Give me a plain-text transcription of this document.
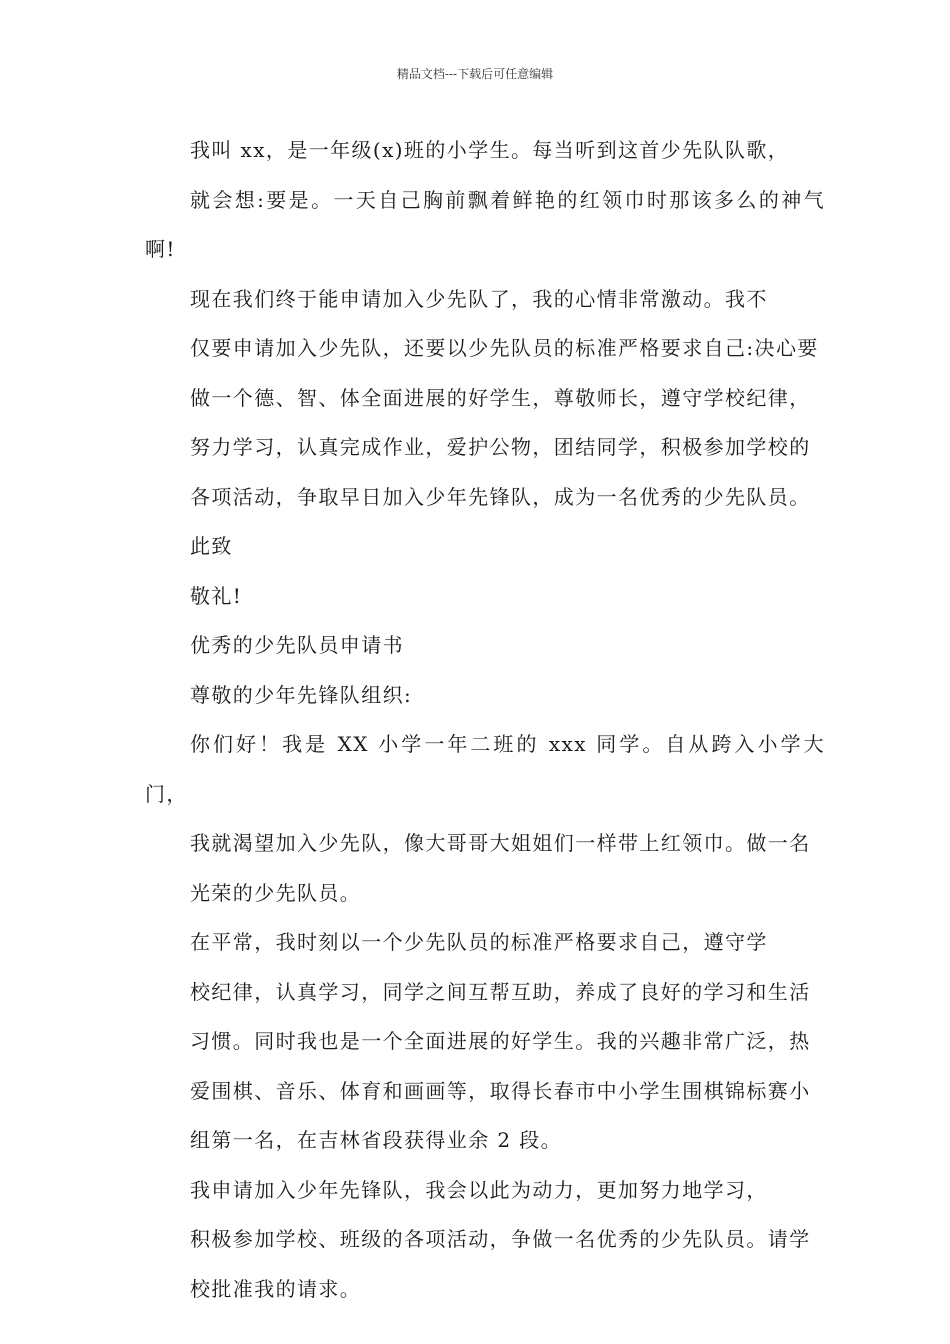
精品文档---下载后可任意编辑

我叫 xx，是一年级(x)班的小学生。每当听到这首少先队队歌，
就会想:要是。一天自己胸前飘着鲜艳的红领巾时那该多么的神气啊!

现在我们终于能申请加入少先队了，我的心情非常激动。我不
仅要申请加入少先队，还要以少先队员的标准严格要求自己:决心要
做一个德、智、体全面进展的好学生，尊敬师长，遵守学校纪律，
努力学习，认真完成作业，爱护公物，团结同学，积极参加学校的
各项活动，争取早日加入少年先锋队，成为一名优秀的少先队员。

此致

敬礼!

优秀的少先队员申请书

尊敬的少年先锋队组织:

你们好！我是 XX 小学一年二班的 xxx 同学。自从跨入小学大门，
我就渴望加入少先队，像大哥哥大姐姐们一样带上红领巾。做一名
光荣的少先队员。

在平常，我时刻以一个少先队员的标准严格要求自己，遵守学
校纪律，认真学习，同学之间互帮互助，养成了良好的学习和生活
习惯。同时我也是一个全面进展的好学生。我的兴趣非常广泛，热
爱围棋、音乐、体育和画画等，取得长春市中小学生围棋锦标赛小
组第一名，在吉林省段获得业余 2 段。

我申请加入少年先锋队，我会以此为动力，更加努力地学习，
积极参加学校、班级的各项活动，争做一名优秀的少先队员。请学
校批准我的请求。
